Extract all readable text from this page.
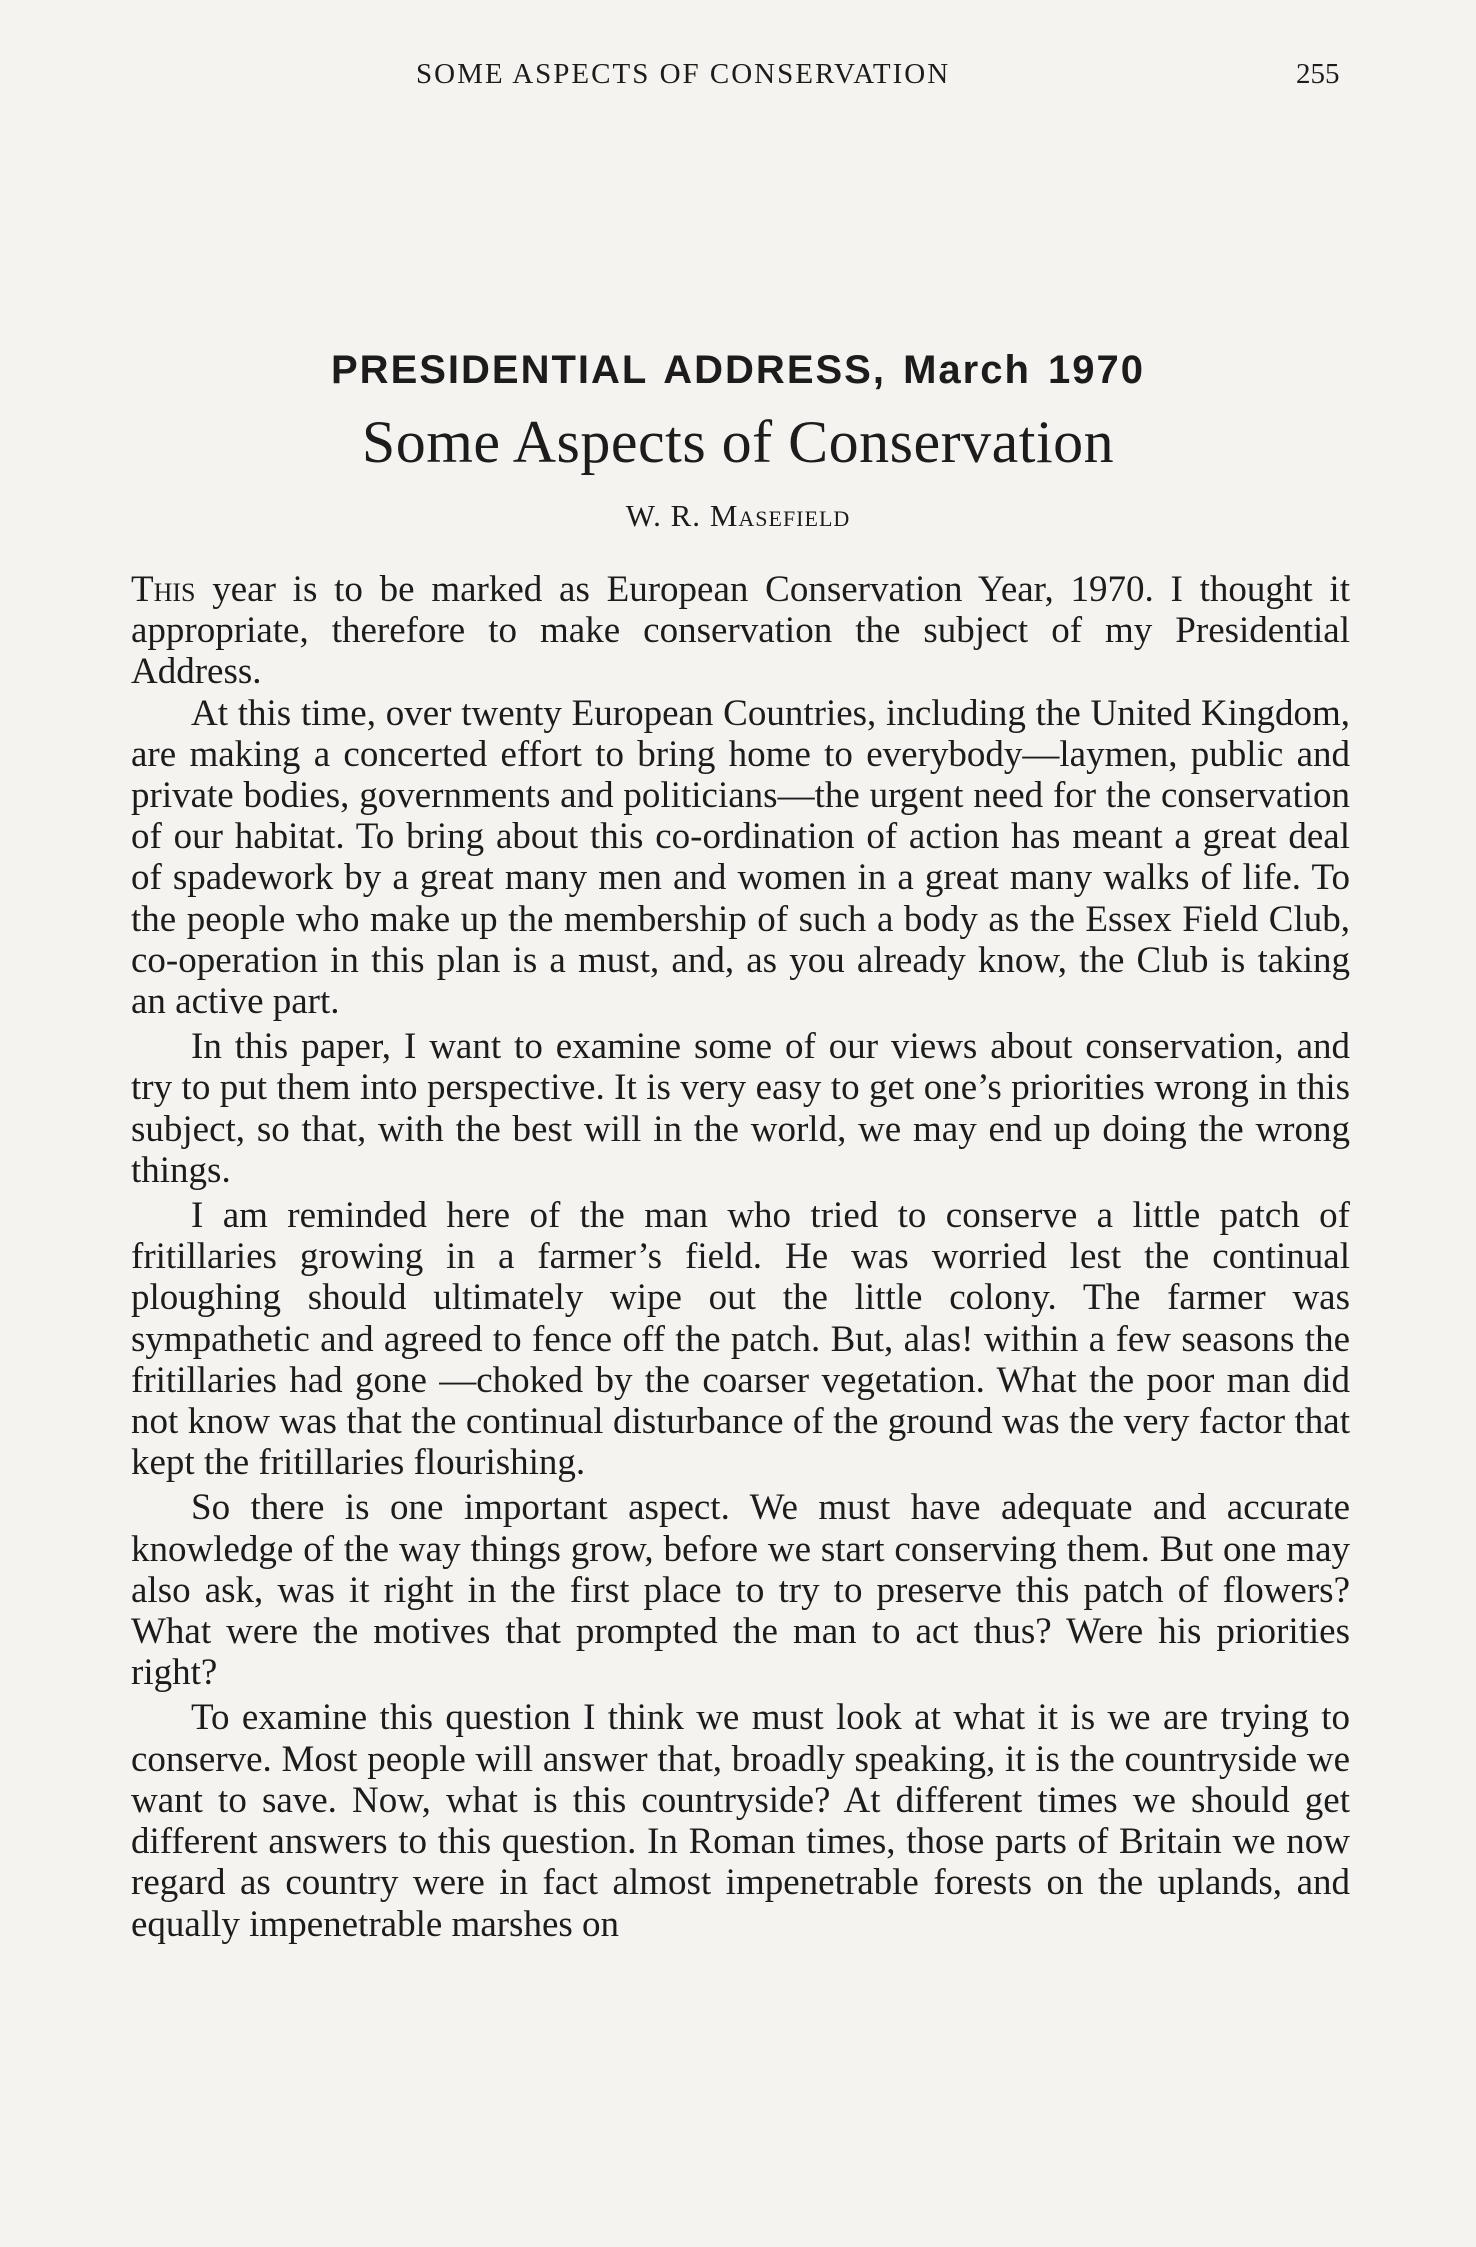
SOME ASPECTS OF CONSERVATION	255
PRESIDENTIAL ADDRESS, March 1970
Some Aspects of Conservation
W. R. Masefield

This year is to be marked as European Conservation Year, 1970. I thought it appropriate, therefore to make conservation the subject of my Presidential Address.

At this time, over twenty European Countries, including the United Kingdom, are making a concerted effort to bring home to everybody—laymen, public and private bodies, governments and politicians—the urgent need for the conservation of our habitat. To bring about this co-ordination of action has meant a great deal of spadework by a great many men and women in a great many walks of life. To the people who make up the membership of such a body as the Essex Field Club, co-operation in this plan is a must, and, as you already know, the Club is taking an active part.

In this paper, I want to examine some of our views about conservation, and try to put them into perspective. It is very easy to get one’s priorities wrong in this subject, so that, with the best will in the world, we may end up doing the wrong things.

I am reminded here of the man who tried to conserve a little patch of fritillaries growing in a farmer’s field. He was worried lest the continual ploughing should ultimately wipe out the little colony. The farmer was sympathetic and agreed to fence off the patch. But, alas! within a few seasons the fritillaries had gone —choked by the coarser vegetation. What the poor man did not know was that the continual disturbance of the ground was the very factor that kept the fritillaries flourishing.

So there is one important aspect. We must have adequate and accurate knowledge of the way things grow, before we start conserving them. But one may also ask, was it right in the first place to try to preserve this patch of flowers? What were the motives that prompted the man to act thus? Were his priorities right?

To examine this question I think we must look at what it is we are trying to conserve. Most people will answer that, broadly speaking, it is the countryside we want to save. Now, what is this countryside? At different times we should get different answers to this question. In Roman times, those parts of Britain we now regard as country were in fact almost impenetrable forests on the uplands, and equally impenetrable marshes on
